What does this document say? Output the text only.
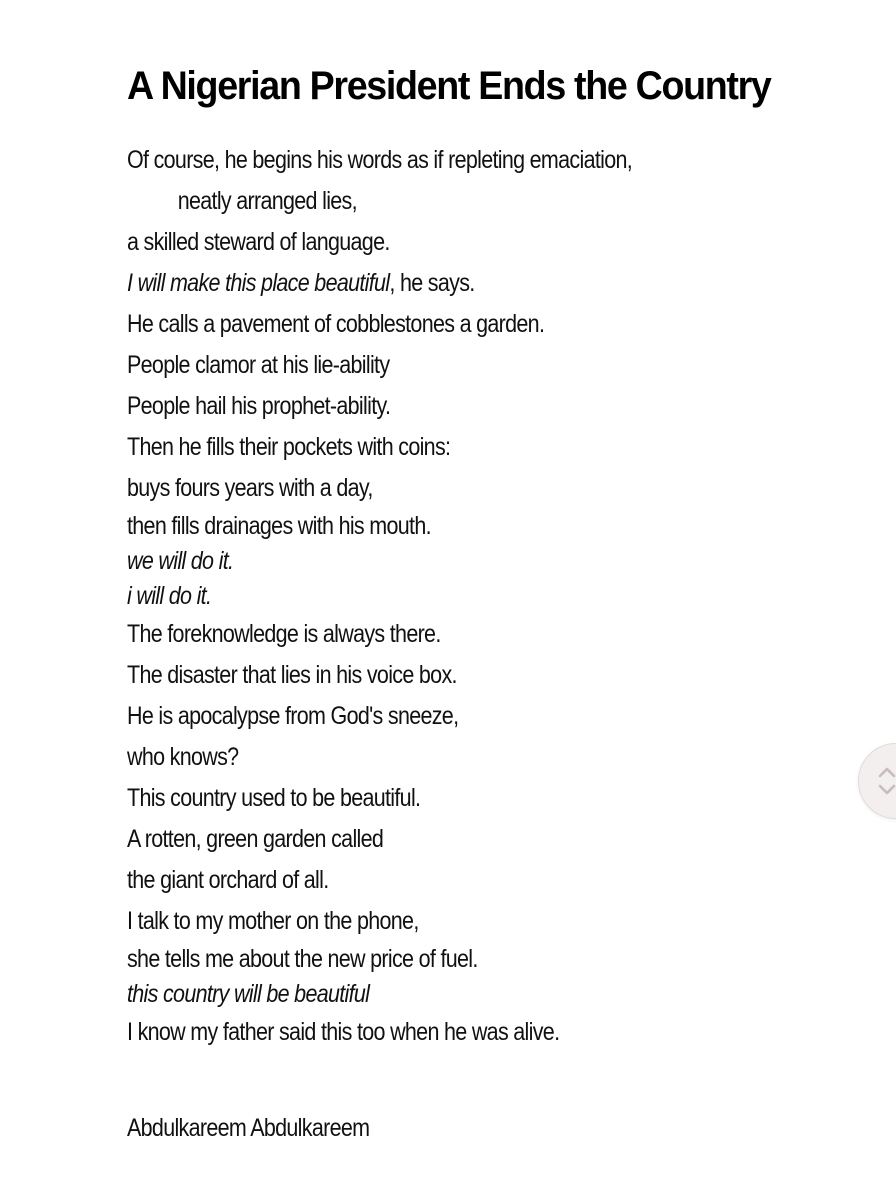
A Nigerian President Ends the Country
Of course, he begins his words as if repleting emaciation,
neatly arranged lies,
a skilled steward of language.
I will make this place beautiful, he says.
He calls a pavement of cobblestones a garden.
People clamor at his lie-ability
People hail his prophet-ability.
Then he fills their pockets with coins:
buys fours years with a day,
then fills drainages with his mouth.
we will do it.
i will do it.
The foreknowledge is always there.
The disaster that lies in his voice box.
He is apocalypse from God's sneeze,
who knows?
This country used to be beautiful.
A rotten, green garden called
the giant orchard of all.
I talk to my mother on the phone,
she tells me about the new price of fuel.
this country will be beautiful
I know my father said this too when he was alive.
Abdulkareem Abdulkareem
